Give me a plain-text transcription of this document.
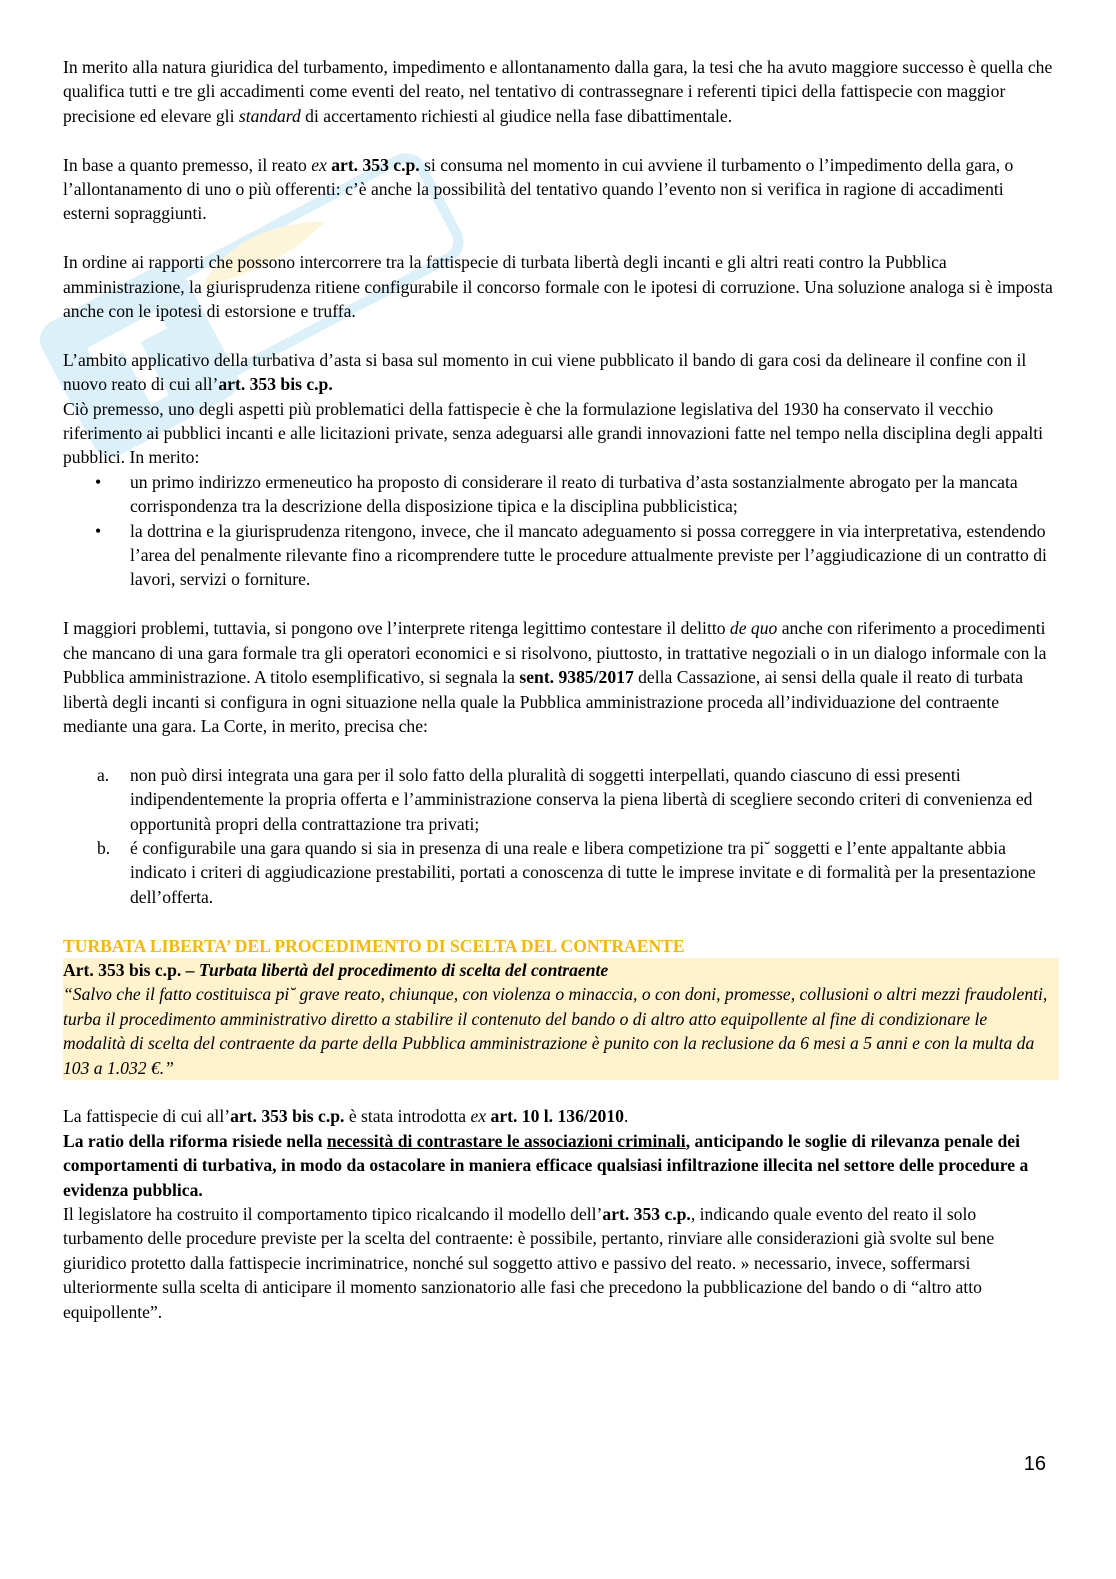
In merito alla natura giuridica del turbamento, impedimento e allontanamento dalla gara, la tesi che ha avuto maggiore successo è quella che qualifica tutti e tre gli accadimenti come eventi del reato, nel tentativo di contrassegnare i referenti tipici della fattispecie con maggior precisione ed elevare gli standard di accertamento richiesti al giudice nella fase dibattimentale.

In base a quanto premesso, il reato ex art. 353 c.p. si consuma nel momento in cui avviene il turbamento o l’impedimento della gara, o l’allontanamento di uno o più offerenti: c’è anche la possibilità del tentativo quando l’evento non si verifica in ragione di accadimenti esterni sopraggiunti.

In ordine ai rapporti che possono intercorrere tra la fattispecie di turbata libertà degli incanti e gli altri reati contro la Pubblica amministrazione, la giurisprudenza ritiene configurabile il concorso formale con le ipotesi di corruzione. Una soluzione analoga si è imposta anche con le ipotesi di estorsione e truffa.

L’ambito applicativo della turbativa d’asta si basa sul momento in cui viene pubblicato il bando di gara cosi da delineare il confine con il nuovo reato di cui all’art. 353 bis c.p.

Ciò premesso, uno degli aspetti più problematici della fattispecie è che la formulazione legislativa del 1930 ha conservato il vecchio riferimento ai pubblici incanti e alle licitazioni private, senza adeguarsi alle grandi innovazioni fatte nel tempo nella disciplina degli appalti pubblici. In merito:

• un primo indirizzo ermeneutico ha proposto di considerare il reato di turbativa d’asta sostanzialmente abrogato per la mancata corrispondenza tra la descrizione della disposizione tipica e la disciplina pubblicistica;
• la dottrina e la giurisprudenza ritengono, invece, che il mancato adeguamento si possa correggere in via interpretativa, estendendo l’area del penalmente rilevante fino a ricomprendere tutte le procedure attualmente previste per l’aggiudicazione di un contratto di lavori, servizi o forniture.

I maggiori problemi, tuttavia, si pongono ove l’interprete ritenga legittimo contestare il delitto de quo anche con riferimento a procedimenti che mancano di una gara formale tra gli operatori economici e si risolvono, piuttosto, in trattative negoziali o in un dialogo informale con la Pubblica amministrazione. A titolo esemplificativo, si segnala la sent. 9385/2017 della Cassazione, ai sensi della quale il reato di turbata libertà degli incanti si configura in ogni situazione nella quale la Pubblica amministrazione proceda all’individuazione del contraente mediante una gara. La Corte, in merito, precisa che:

a. non può dirsi integrata una gara per il solo fatto della pluralità di soggetti interpellati, quando ciascuno di essi presenti indipendentemente la propria offerta e l’amministrazione conserva la piena libertà di scegliere secondo criteri di convenienza ed opportunità propri della contrattazione tra privati;
b. é configurabile una gara quando si sia in presenza di una reale e libera competizione tra pi˘ soggetti e l’ente appaltante abbia indicato i criteri di aggiudicazione prestabiliti, portati a conoscenza di tutte le imprese invitate e di formalità per la presentazione dell’offerta.

TURBATA LIBERTA’ DEL PROCEDIMENTO DI SCELTA DEL CONTRAENTE

Art. 353 bis c.p. – Turbata libertà del procedimento di scelta del contraente

“Salvo che il fatto costituisca pi˘ grave reato, chiunque, con violenza o minaccia, o con doni, promesse, collusioni o altri mezzi fraudolenti, turba il procedimento amministrativo diretto a stabilire il contenuto del bando o di altro atto equipollente al fine di condizionare le modalità di scelta del contraente da parte della Pubblica amministrazione è punito con la reclusione da 6 mesi a 5 anni e con la multa da 103 a 1.032 €.”

La fattispecie di cui all’art. 353 bis c.p. è stata introdotta ex art. 10 l. 136/2010.

La ratio della riforma risiede nella necessità di contrastare le associazioni criminali, anticipando le soglie di rilevanza penale dei comportamenti di turbativa, in modo da ostacolare in maniera efficace qualsiasi infiltrazione illecita nel settore delle procedure a evidenza pubblica.

Il legislatore ha costruito il comportamento tipico ricalcando il modello dell’art. 353 c.p., indicando quale evento del reato il solo turbamento delle procedure previste per la scelta del contraente: è possibile, pertanto, rinviare alle considerazioni già svolte sul bene giuridico protetto dalla fattispecie incriminatrice, nonché sul soggetto attivo e passivo del reato. » necessario, invece, soffermarsi ulteriormente sulla scelta di anticipare il momento sanzionatorio alle fasi che precedono la pubblicazione del bando o di “altro atto equipollente”.

16
